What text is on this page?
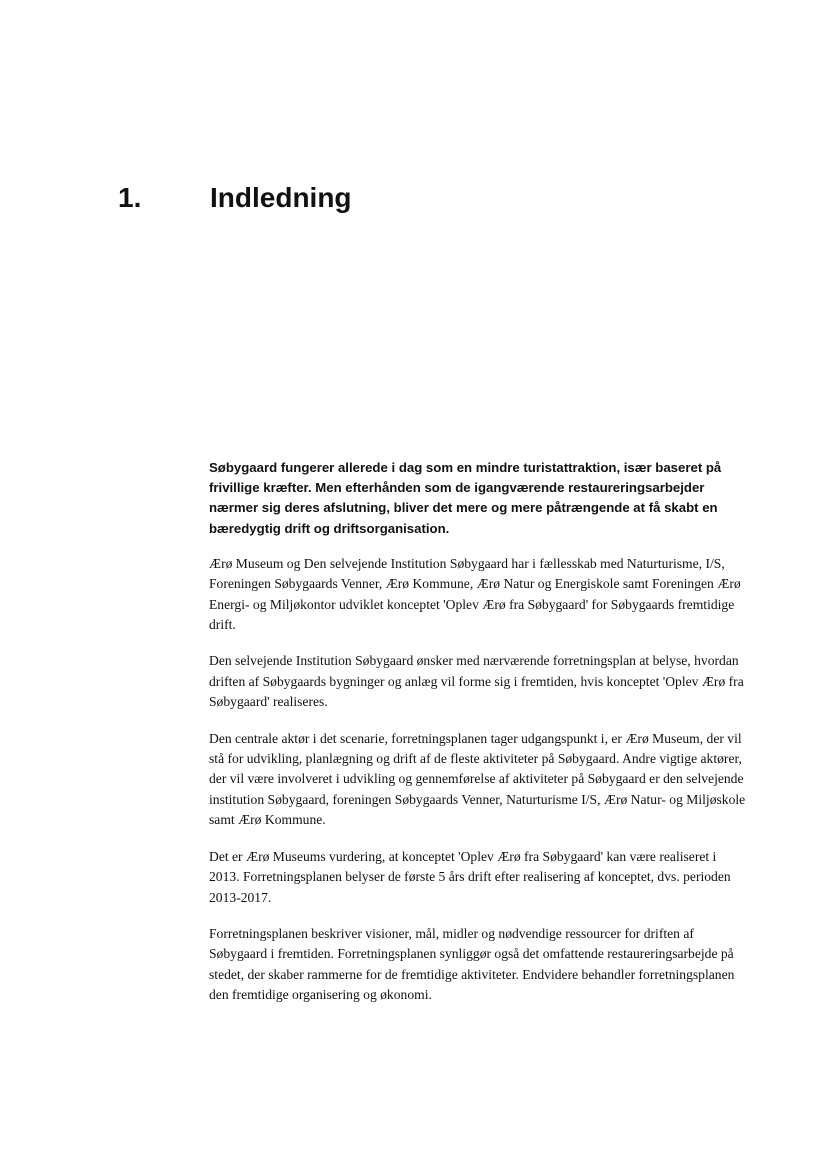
1. Indledning

Søbygaard fungerer allerede i dag som en mindre turistattraktion, især baseret på frivillige kræfter. Men efterhånden som de igangværende restaureringsarbejder nærmer sig deres afslutning, bliver det mere og mere påtrængende at få skabt en bæredygtig drift og driftsorganisation.

Ærø Museum og Den selvejende Institution Søbygaard har i fællesskab med Naturturisme, I/S, Foreningen Søbygaards Venner, Ærø Kommune, Ærø Natur og Energiskole samt Foreningen Ærø Energi- og Miljøkontor udviklet konceptet 'Oplev Ærø fra Søbygaard' for Søbygaards fremtidige drift.

Den selvejende Institution Søbygaard ønsker med nærværende forretningsplan at belyse, hvordan driften af Søbygaards bygninger og anlæg vil forme sig i fremtiden, hvis konceptet 'Oplev Ærø fra Søbygaard' realiseres.

Den centrale aktør i det scenarie, forretningsplanen tager udgangspunkt i, er Ærø Museum, der vil stå for udvikling, planlægning og drift af de fleste aktiviteter på Søbygaard. Andre vigtige aktører, der vil være involveret i udvikling og gennemførelse af aktiviteter på Søbygaard er den selvejende institution Søbygaard, foreningen Søbygaards Venner, Naturturisme I/S, Ærø Natur- og Miljøskole samt Ærø Kommune.

Det er Ærø Museums vurdering, at konceptet 'Oplev Ærø fra Søbygaard' kan være realiseret i 2013. Forretningsplanen belyser de første 5 års drift efter realisering af konceptet, dvs. perioden 2013-2017.

Forretningsplanen beskriver visioner, mål, midler og nødvendige ressourcer for driften af Søbygaard i fremtiden. Forretningsplanen synliggør også det omfattende restaureringsarbejde på stedet, der skaber rammerne for de fremtidige aktiviteter. Endvidere behandler forretningsplanen den fremtidige organisering og økonomi.
